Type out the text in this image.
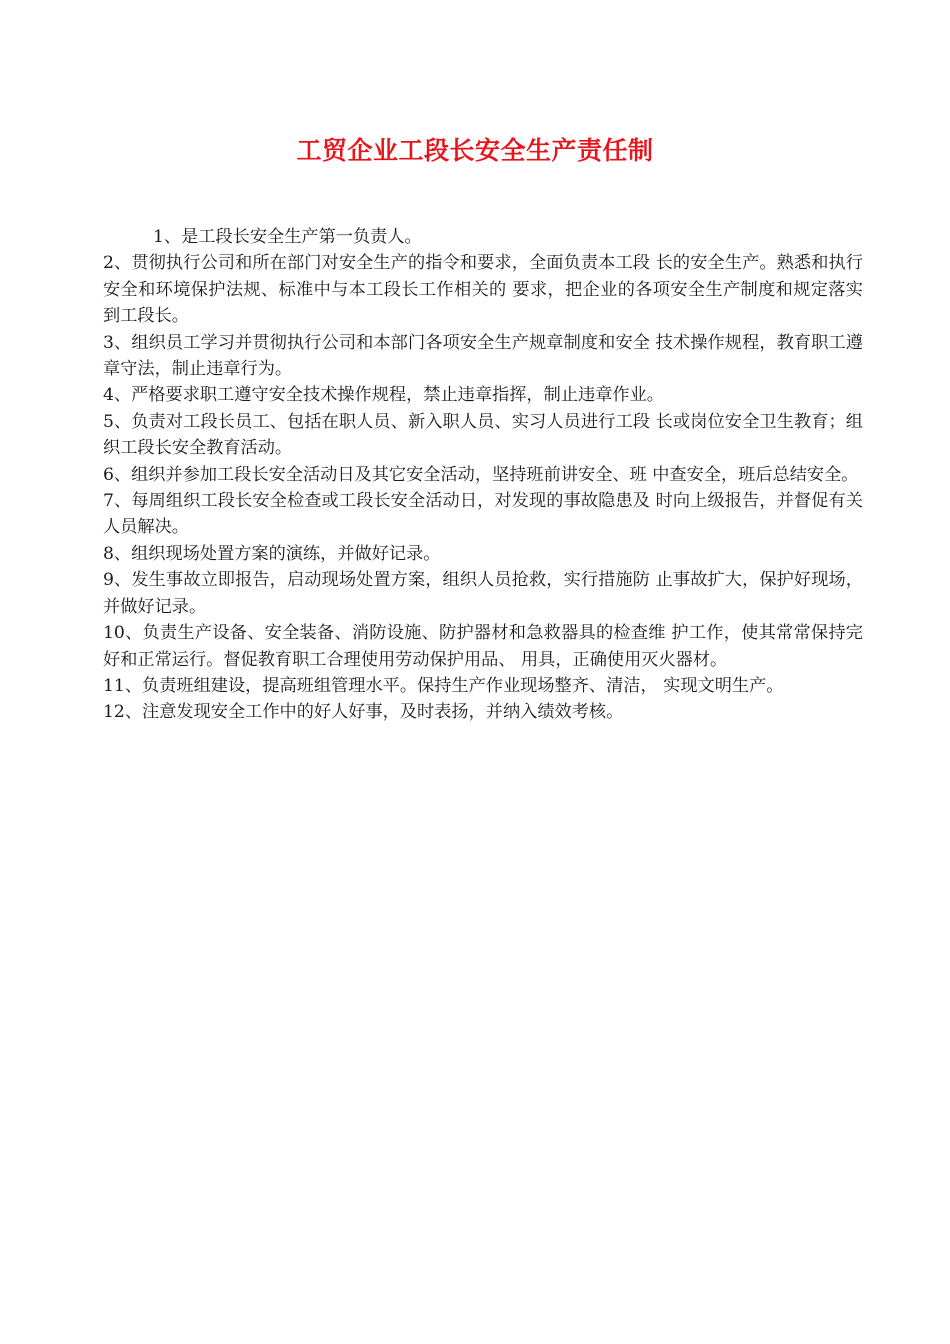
工贸企业工段长安全生产责任制

1、是工段长安全生产第一负责人。

2、贯彻执行公司和所在部门对安全生产的指令和要求，全面负责本工段 长的安全生产。熟悉和执行安全和环境保护法规、标准中与本工段长工作相关的 要求，把企业的各项安全生产制度和规定落实到工段长。

3、组织员工学习并贯彻执行公司和本部门各项安全生产规章制度和安全 技术操作规程，教育职工遵章守法，制止违章行为。

4、严格要求职工遵守安全技术操作规程，禁止违章指挥，制止违章作业。

5、负责对工段长员工、包括在职人员、新入职人员、实习人员进行工段 长或岗位安全卫生教育；组织工段长安全教育活动。

6、组织并参加工段长安全活动日及其它安全活动，坚持班前讲安全、班 中查安全，班后总结安全。

7、每周组织工段长安全检查或工段长安全活动日，对发现的事故隐患及 时向上级报告，并督促有关人员解决。

8、组织现场处置方案的演练，并做好记录。

9、发生事故立即报告，启动现场处置方案，组织人员抢救，实行措施防 止事故扩大，保护好现场，并做好记录。

10、负责生产设备、安全装备、消防设施、防护器材和急救器具的检查维 护工作，使其常常保持完好和正常运行。督促教育职工合理使用劳动保护用品、 用具，正确使用灭火器材。

11、负责班组建设，提高班组管理水平。保持生产作业现场整齐、清洁， 实现文明生产。

12、注意发现安全工作中的好人好事，及时表扬，并纳入绩效考核。
